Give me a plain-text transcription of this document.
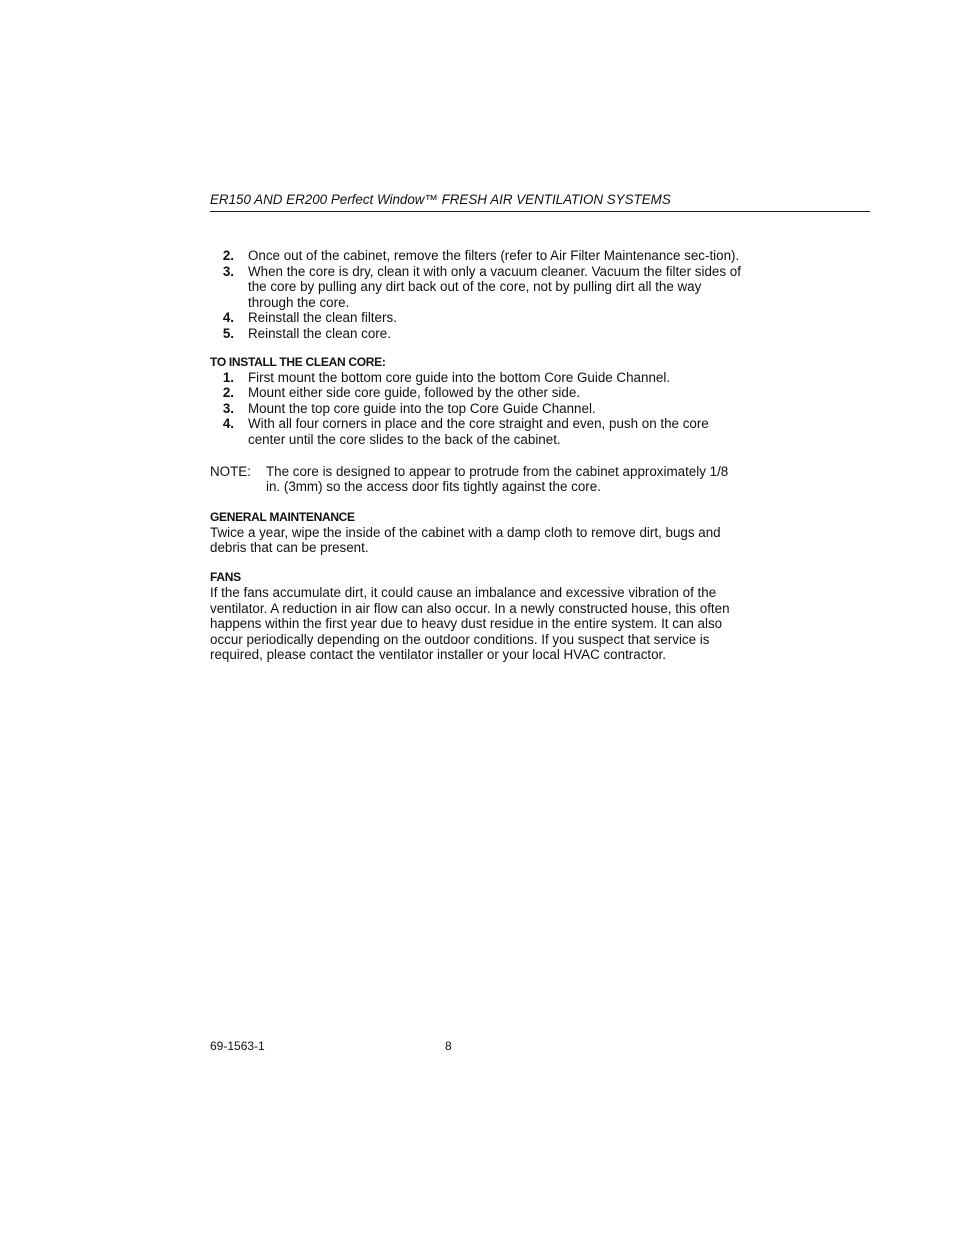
ER150 AND ER200 Perfect Window™ FRESH AIR VENTILATION SYSTEMS
2.	Once out of the cabinet, remove the filters (refer to Air Filter Maintenance sec-tion).
3.	When the core is dry, clean it with only a vacuum cleaner. Vacuum the filter sides of the core by pulling any dirt back out of the core, not by pulling dirt all the way through the core.
4.	Reinstall the clean filters.
5.	Reinstall the clean core.
TO INSTALL THE CLEAN CORE:
1.	First mount the bottom core guide into the bottom Core Guide Channel.
2.	Mount either side core guide, followed by the other side.
3.	Mount the top core guide into the top Core Guide Channel.
4.	With all four corners in place and the core straight and even, push on the core center until the core slides to the back of the cabinet.
NOTE:	The core is designed to appear to protrude from the cabinet approximately 1/8 in. (3mm) so the access door fits tightly against the core.
GENERAL MAINTENANCE

Twice a year, wipe the inside of the cabinet with a damp cloth to remove dirt, bugs and debris that can be present.

FANS

If the fans accumulate dirt, it could cause an imbalance and excessive vibration of the ventilator. A reduction in air flow can also occur. In a newly constructed house, this often happens within the first year due to heavy dust residue in the entire system. It can also occur periodically depending on the outdoor conditions. If you suspect that service is required, please contact the ventilator installer or your local HVAC contractor.

69-1563-1	8
